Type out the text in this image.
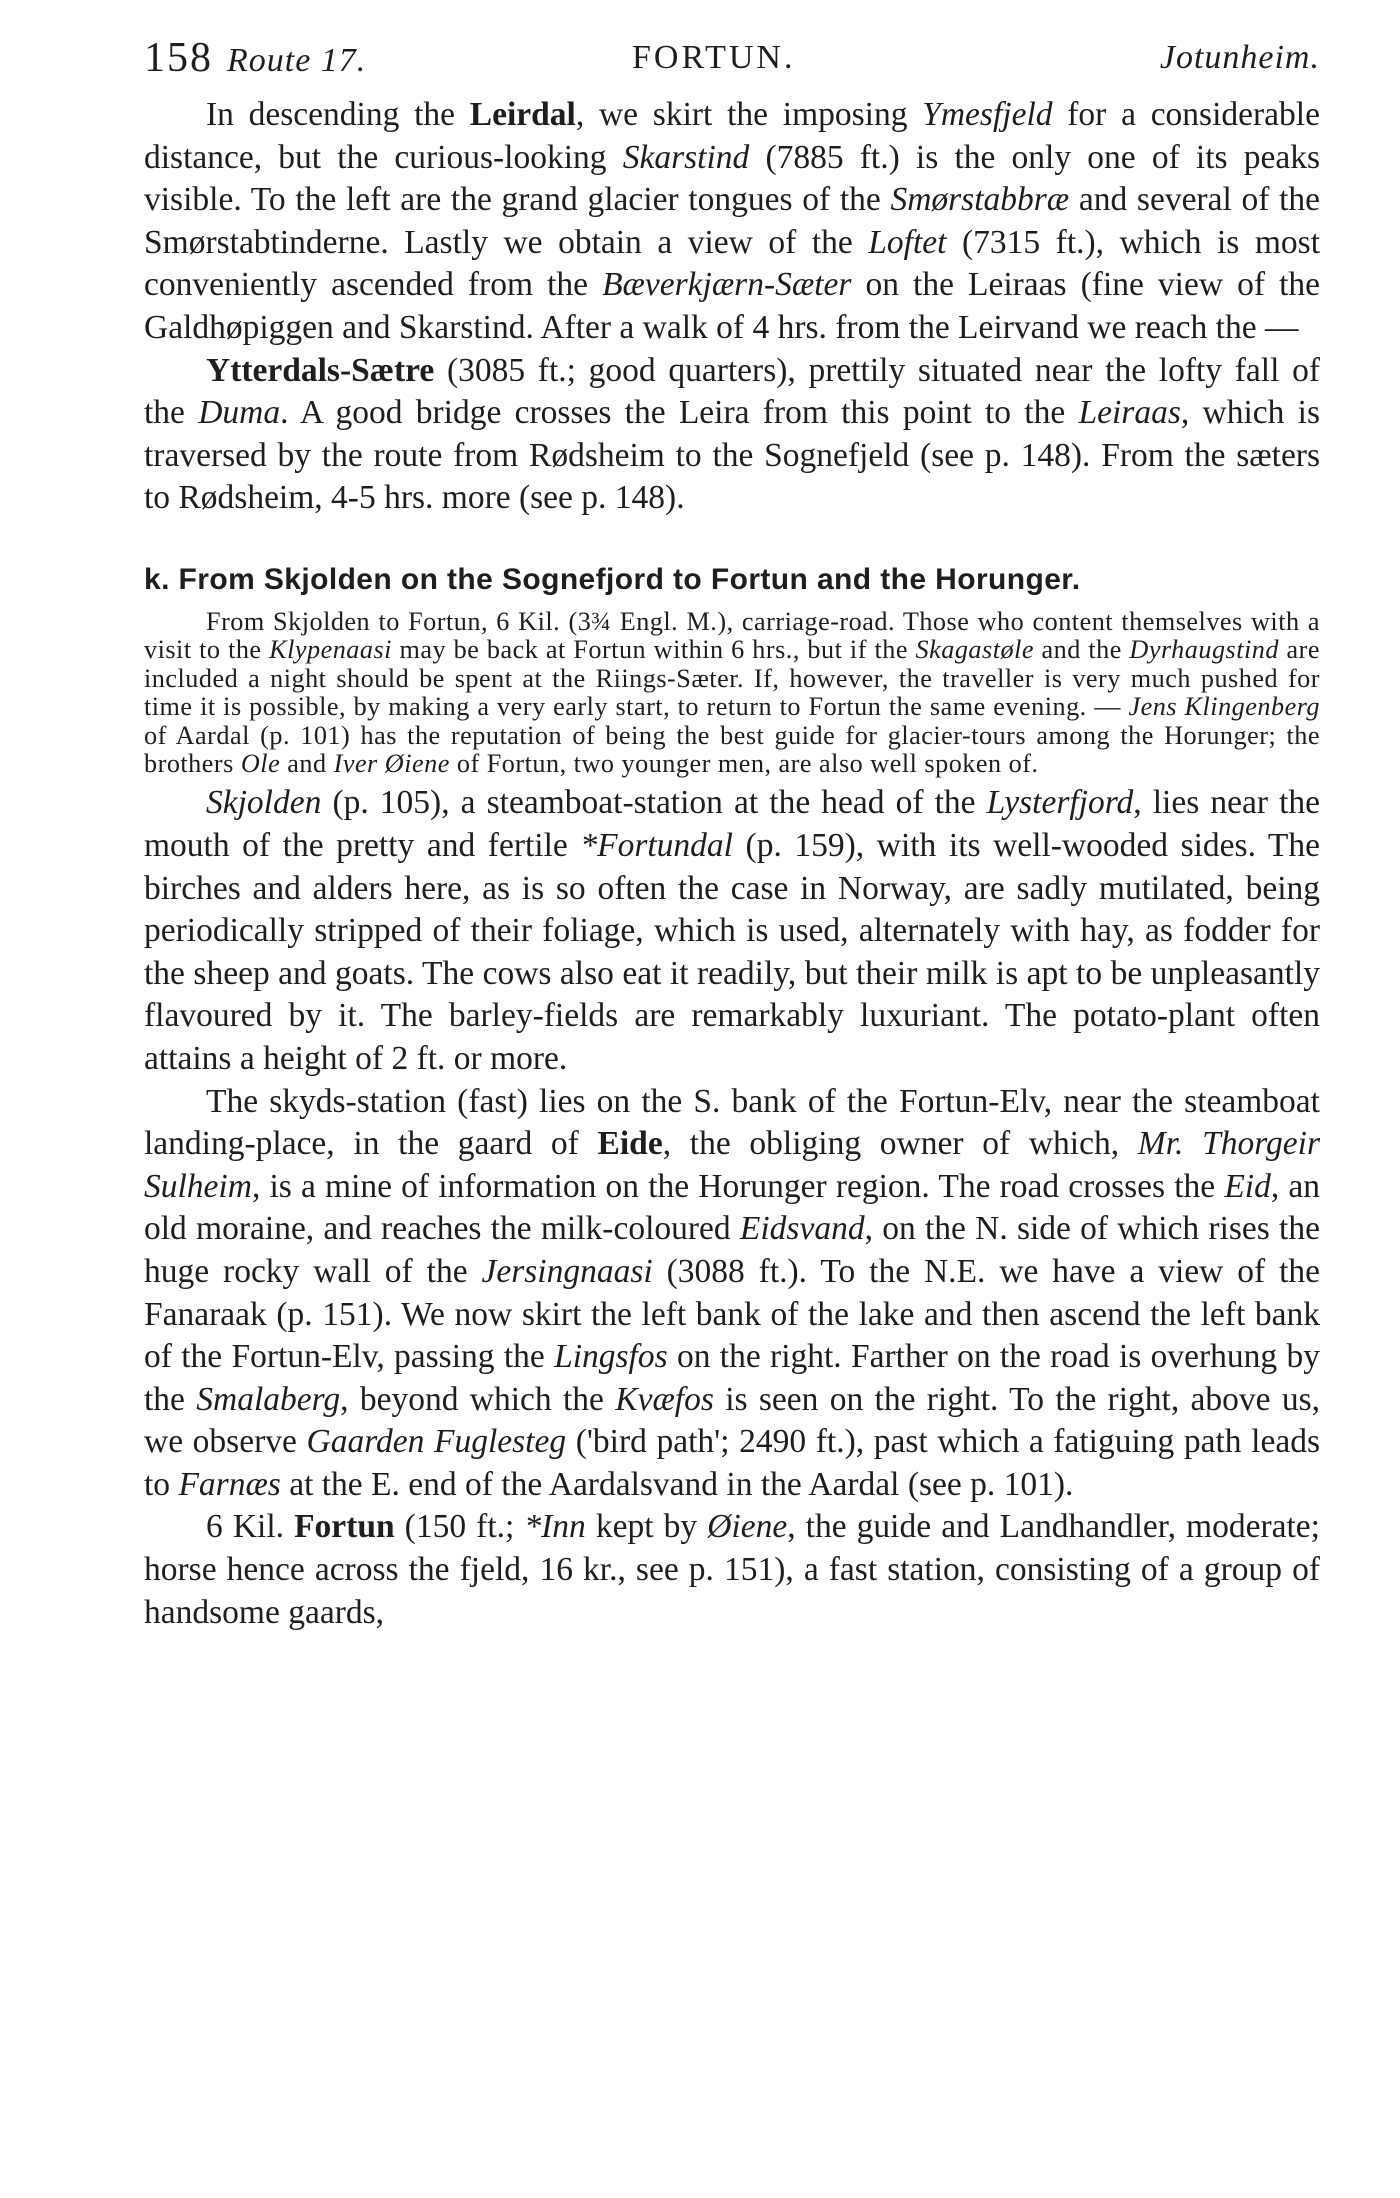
158 Route 17.	FORTUN.	Jotunheim.

In descending the Leirdal, we skirt the imposing Ymesfjeld for a considerable distance, but the curious-looking Skarstind (7885 ft.) is the only one of its peaks visible. To the left are the grand glacier tongues of the Smørstabbræ and several of the Smørstabtinderne. Lastly we obtain a view of the Loftet (7315 ft.), which is most conveniently ascended from the Bæverkjærn-Sæter on the Leiraas (fine view of the Galdhøpiggen and Skarstind. After a walk of 4 hrs. from the Leirvand we reach the —

Ytterdals-Sætre (3085 ft.; good quarters), prettily situated near the lofty fall of the Duma. A good bridge crosses the Leira from this point to the Leiraas, which is traversed by the route from Rødsheim to the Sognefjeld (see p. 148). From the sæters to Rødsheim, 4-5 hrs. more (see p. 148).

k. From Skjolden on the Sognefjord to Fortun and the Horunger.

From Skjolden to Fortun, 6 Kil. (3¾ Engl. M.), carriage-road. Those who content themselves with a visit to the Klypenaasi may be back at Fortun within 6 hrs., but if the Skagastøle and the Dyrhaugstind are included a night should be spent at the Riings-Sæter. If, however, the traveller is very much pushed for time it is possible, by making a very early start, to return to Fortun the same evening. — Jens Klingenberg of Aardal (p. 101) has the reputation of being the best guide for glacier-tours among the Horunger; the brothers Ole and Iver Øiene of Fortun, two younger men, are also well spoken of.

Skjolden (p. 105), a steamboat-station at the head of the Lysterfjord, lies near the mouth of the pretty and fertile *Fortundal (p. 159), with its well-wooded sides. The birches and alders here, as is so often the case in Norway, are sadly mutilated, being periodically stripped of their foliage, which is used, alternately with hay, as fodder for the sheep and goats. The cows also eat it readily, but their milk is apt to be unpleasantly flavoured by it. The barley-fields are remarkably luxuriant. The potato-plant often attains a height of 2 ft. or more.

The skyds-station (fast) lies on the S. bank of the Fortun-Elv, near the steamboat landing-place, in the gaard of Eide, the obliging owner of which, Mr. Thorgeir Sulheim, is a mine of information on the Horunger region. The road crosses the Eid, an old moraine, and reaches the milk-coloured Eidsvand, on the N. side of which rises the huge rocky wall of the Jersingnaasi (3088 ft.). To the N.E. we have a view of the Fanaraak (p. 151). We now skirt the left bank of the lake and then ascend the left bank of the Fortun-Elv, passing the Lingsfos on the right. Farther on the road is overhung by the Smalaberg, beyond which the Kvæfos is seen on the right. To the right, above us, we observe Gaarden Fuglesteg ('bird path'; 2490 ft.), past which a fatiguing path leads to Farnæs at the E. end of the Aardalsvand in the Aardal (see p. 101).

6 Kil. Fortun (150 ft.; *Inn kept by Øiene, the guide and Landhandler, moderate; horse hence across the fjeld, 16 kr., see p. 151), a fast station, consisting of a group of handsome gaards,
